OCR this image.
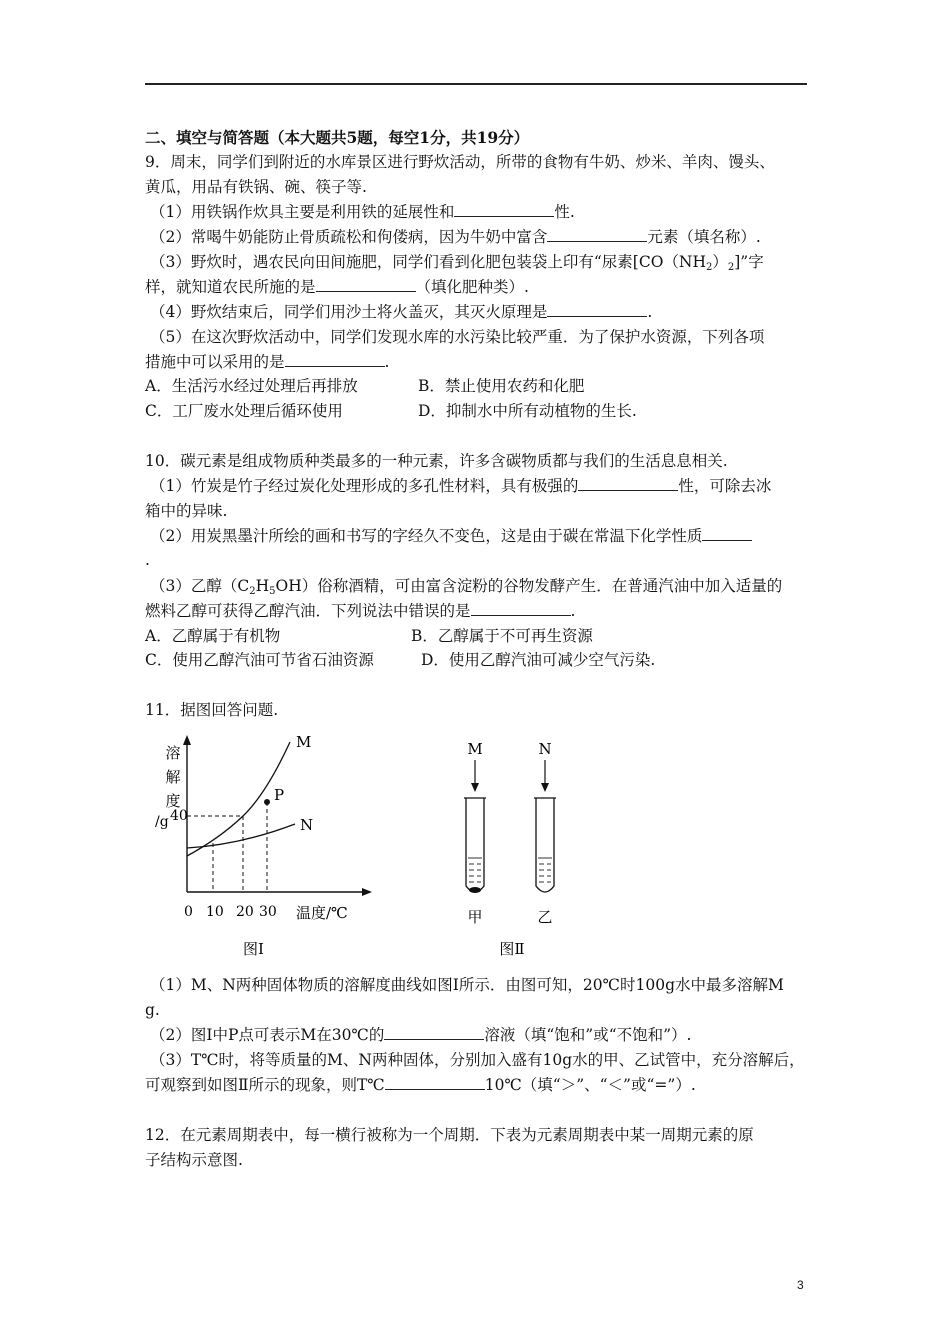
二、填空与简答题（本大题共5题，每空1分，共19分）
9．周末，同学们到附近的水库景区进行野炊活动，所带的食物有牛奶、炒米、羊肉、馒头、
黄瓜，用品有铁锅、碗、筷子等.
（1）用铁锅作炊具主要是利用铁的延展性和	性.
（2）常喝牛奶能防止骨质疏松和佝偻病，因为牛奶中富含	元素（填名称）.
（3）野炊时，遇农民向田间施肥，同学们看到化肥包装袋上印有“尿素$[CO(NH_2)_2]$”字
样，就知道农民所施的是	（填化肥种类）.
（4）野炊结束后，同学们用沙土将火盖灭，其灭火原理是	.
（5）在这次野炊活动中，同学们发现水库的水污染比较严重．为了保护水资源，下列各项
措施中可以采用的是	.
A．生活污水经过处理后再排放	B．禁止使用农药和化肥
C．工厂废水处理后循环使用	D．抑制水中所有动植物的生长.
10．碳元素是组成物质种类最多的一种元素，许多含碳物质都与我们的生活息息相关.
（1）竹炭是竹子经过炭化处理形成的多孔性材料，具有极强的	性，可除去冰
箱中的异味.
（2）用炭黑墨汁所绘的画和书写的字经久不变色，这是由于碳在常温下化学性质
.
（3）乙醇$(C_2H_5OH)$俗称酒精，可由富含淀粉的谷物发酵产生．在普通汽油中加入适量的
燃料乙醇可获得乙醇汽油．下列说法中错误的是	.
A．乙醇属于有机物	B．乙醇属于不可再生资源
C．使用乙醇汽油可节省石油资源	D．使用乙醇汽油可减少空气污染.
11．据图回答问题.
溶
解
度
/g 40
M
N
P
0 10 20 30 温度/℃
图Ⅰ
M	N
甲	乙
图Ⅱ
（1）M、N两种固体物质的溶解度曲线如图Ⅰ所示．由图可知，20℃时100g水中最多溶解M
g.
（2）图Ⅰ中P点可表示M在30℃的	溶液（填“饱和”或“不饱和”）.
（3）T℃时，将等质量的M、N两种固体，分别加入盛有10g水的甲、乙试管中，充分溶解后，
可观察到如图Ⅱ所示的现象，则T℃	10℃（填“＞”、“＜”或“=”）.
12．在元素周期表中，每一横行被称为一个周期．下表为元素周期表中某一周期元素的原
子结构示意图.
3
